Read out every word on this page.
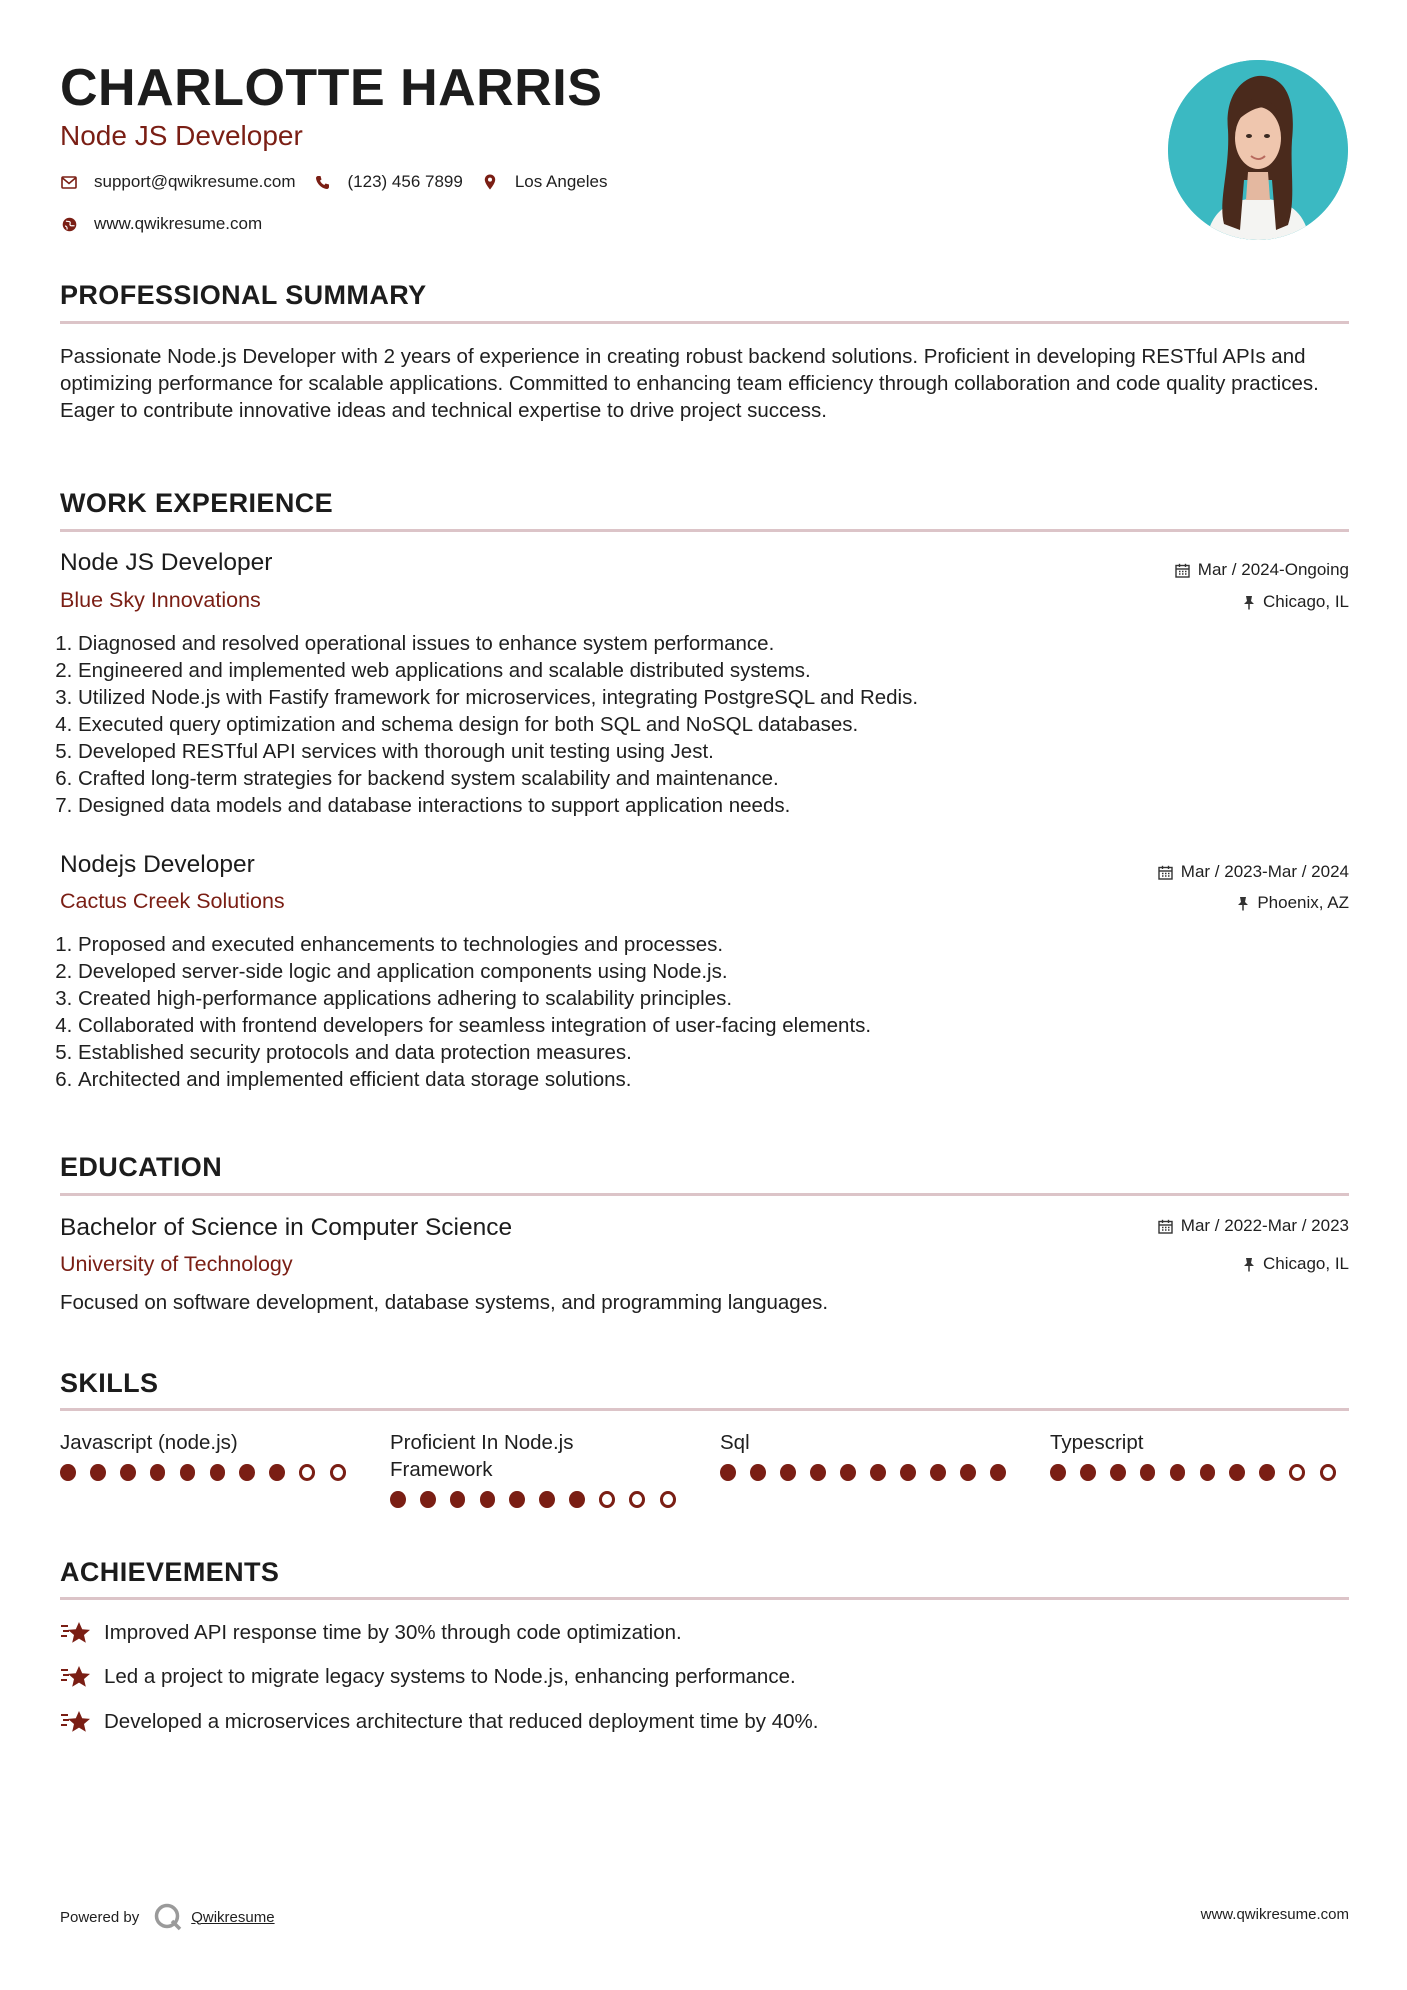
CHARLOTTE HARRIS
Node JS Developer
support@qwikresume.com	(123) 456 7899	Los Angeles
www.qwikresume.com
PROFESSIONAL SUMMARY

Passionate Node.js Developer with 2 years of experience in creating robust backend solutions. Proficient in developing RESTful APIs and optimizing performance for scalable applications. Committed to enhancing team efficiency through collaboration and code quality practices. Eager to contribute innovative ideas and technical expertise to drive project success.

WORK EXPERIENCE
Node JS Developer
Blue Sky Innovations
Mar / 2024-Ongoing
Chicago, IL
1. Diagnosed and resolved operational issues to enhance system performance.
2. Engineered and implemented web applications and scalable distributed systems.
3. Utilized Node.js with Fastify framework for microservices, integrating PostgreSQL and Redis.
4. Executed query optimization and schema design for both SQL and NoSQL databases.
5. Developed RESTful API services with thorough unit testing using Jest.
6. Crafted long-term strategies for backend system scalability and maintenance.
7. Designed data models and database interactions to support application needs.
Nodejs Developer
Cactus Creek Solutions
Mar / 2023-Mar / 2024
Phoenix, AZ
1. Proposed and executed enhancements to technologies and processes.
2. Developed server-side logic and application components using Node.js.
3. Created high-performance applications adhering to scalability principles.
4. Collaborated with frontend developers for seamless integration of user-facing elements.
5. Established security protocols and data protection measures.
6. Architected and implemented efficient data storage solutions.
EDUCATION
Bachelor of Science in Computer Science
University of Technology
Mar / 2022-Mar / 2023
Chicago, IL

Focused on software development, database systems, and programming languages.

SKILLS
Javascript (node.js)	Proficient In Node.js Framework
Sql	Typescript
ACHIEVEMENTS
Improved API response time by 30% through code optimization.
Led a project to migrate legacy systems to Node.js, enhancing performance.
Developed a microservices architecture that reduced deployment time by 40%.
Powered by	Qwikresume	www.qwikresume.com
